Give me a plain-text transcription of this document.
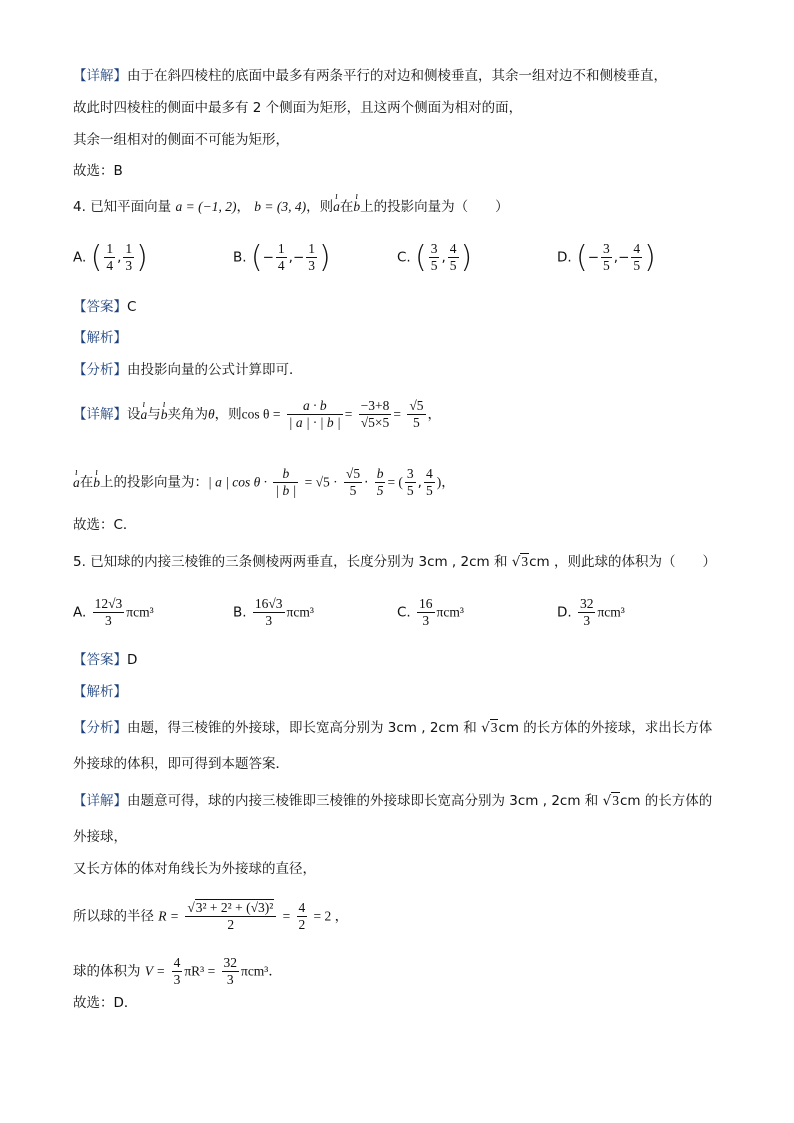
【详解】由于在斜四棱柱的底面中最多有两条平行的对边和侧棱垂直，其余一组对边不和侧棱垂直，
故此时四棱柱的侧面中最多有 2 个侧面为矩形，且这两个侧面为相对的面，
其余一组相对的侧面不可能为矩形，
故选：B
4. 已知平面向量 a = (−1, 2)， b = (3, 4)，则ı a在ı b上的投影向量为（　　）
A. ( $\frac{1}{4}$ , $\frac{1}{3}$ )	B. (− $\frac{1}{4}$ ,− $\frac{1}{3}$ )	C. ( $\frac{3}{5}$ , $\frac{4}{5}$ )	D. (− $\frac{3}{5}$ ,− $\frac{4}{5}$ )
【答案】C
【解析】
【分析】由投影向量的公式计算即可．
【详解】设ı a与ı b夹角为θ，则$\cos \theta = \frac{a \cdot b}{| a | \cdot | b |} = \frac{-3+8}{√5\times 5} = \frac{√5}{5}$ ，
ı a在ı b上的投影向量为：| a | $\cos \theta \cdot \frac{b}{| b |} = √5 \cdot \frac{√5}{5} \cdot \frac{b}{5}$ = ( $\frac{3}{5}$ , $\frac{4}{5}$ )，
故选：C．
5. 已知球的内接三棱锥的三条侧棱两两垂直，长度分别为 3cm , 2cm 和 √3cm ，则此球的体积为（　　）
A. $\frac{12√3}{3} \pi cm^3$	B. $\frac{16√3}{3} \pi cm^3$	C. $\frac{16}{3} \pi cm^3$	D. $\frac{32}{3} \pi cm^3$
【答案】D
【解析】
【分析】由题，得三棱锥的外接球，即长宽高分别为 3cm , 2cm 和 √3cm 的长方体的外接球，求出长方体
外接球的体积，即可得到本题答案．
【详解】由题意可得，球的内接三棱锥即三棱锥的外接球即长宽高分别为 3cm , 2cm 和 √3cm 的长方体的
外接球，
又长方体的体对角线长为外接球的直径，
所以球的半径 $R = \frac{\text{√3² + 2² + (√3)²}}{2} = \frac{4}{2} = 2$ ，
球的体积为 $V = \frac{4}{3} \pi R^3 = \frac{32}{3} \pi cm^3$．
故选：D．
